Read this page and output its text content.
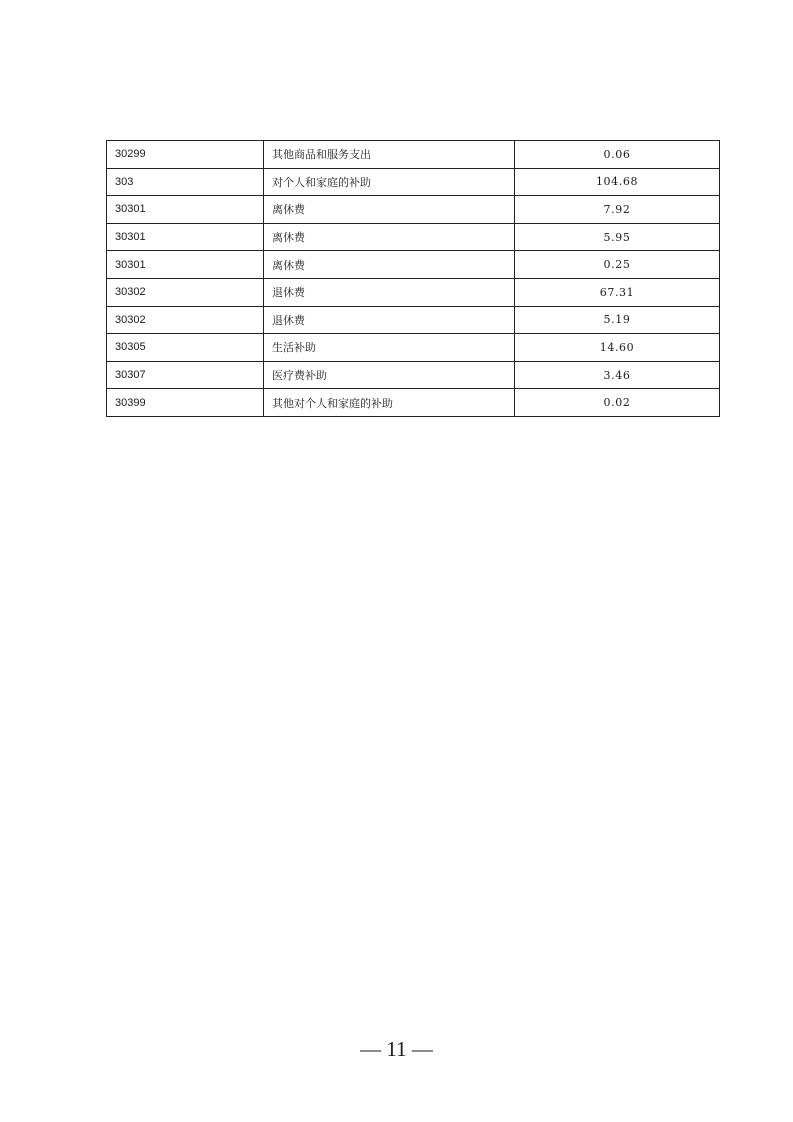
30299	其他商品和服务支出	0.06
303	对个人和家庭的补助	104.68
30301	离休费	7.92
30301	离休费	5.95
30301	离休费	0.25
30302	退休费	67.31
30302	退休费	5.19
30305	生活补助	14.60
30307	医疗费补助	3.46
30399	其他对个人和家庭的补助	0.02
— 11 —
